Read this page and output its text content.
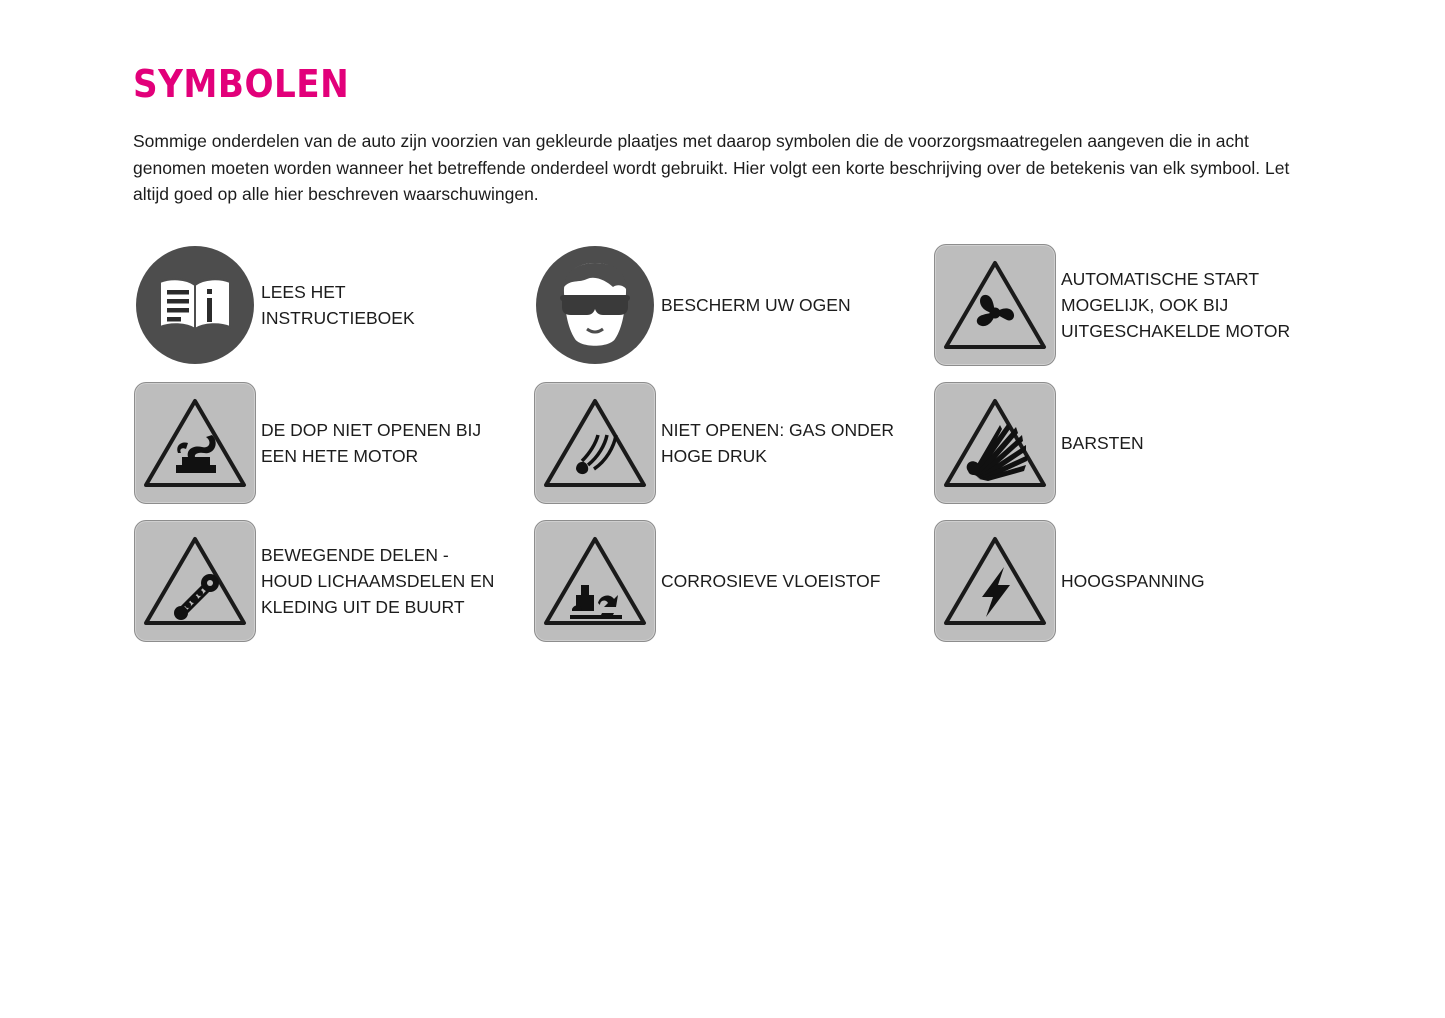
SYMBOLEN

Sommige onderdelen van de auto zijn voorzien van gekleurde plaatjes met daarop symbolen die de voorzorgsmaatregelen aangeven die in acht genomen moeten worden wanneer het betreffende onderdeel wordt gebruikt. Hier volgt een korte beschrijving over de betekenis van elk symbool. Let altijd goed op alle hier beschreven waarschuwingen.

LEES HET INSTRUCTIEBOEK
BESCHERM UW OGEN
AUTOMATISCHE START MOGELIJK, OOK BIJ UITGESCHAKELDE MOTOR
DE DOP NIET OPENEN BIJ EEN HETE MOTOR
NIET OPENEN: GAS ONDER HOGE DRUK
BARSTEN
BEWEGENDE DELEN - HOUD LICHAAMSDELEN EN KLEDING UIT DE BUURT
CORROSIEVE VLOEISTOF	HOOGSPANNING
